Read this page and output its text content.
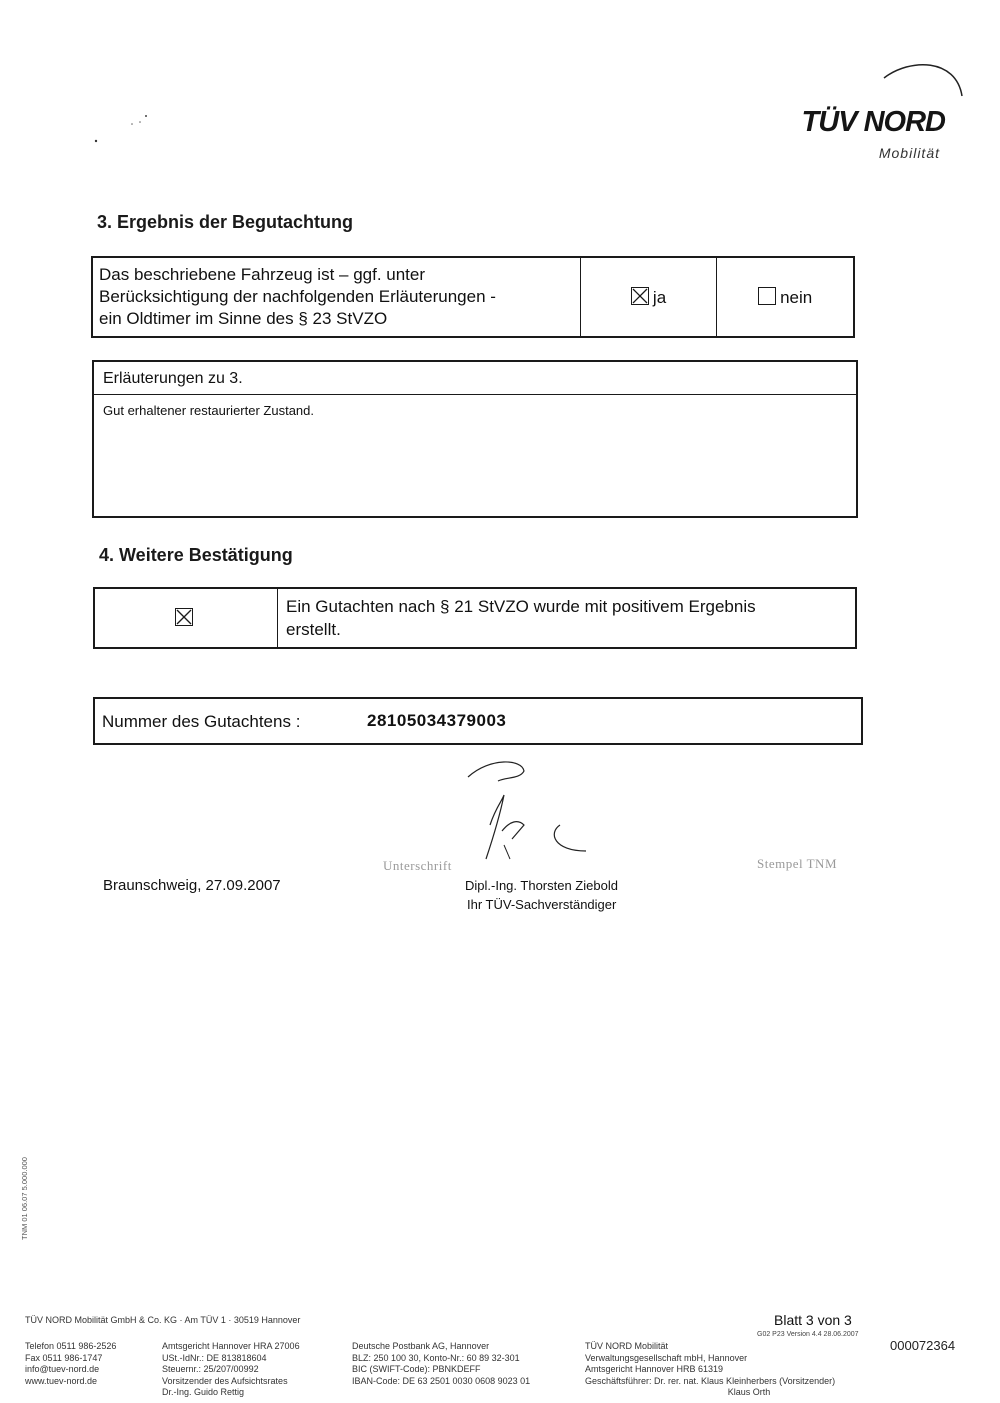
TÜV NORD
Mobilität
3. Ergebnis der Begutachtung
Das beschriebene Fahrzeug ist – ggf. unter
Berücksichtigung der nachfolgenden Erläuterungen -
ein Oldtimer im Sinne des § 23 StVZO

ja	nein
Erläuterungen zu 3.
Gut erhaltener restaurierter Zustand.
4. Weitere Bestätigung

Ein Gutachten nach § 21 StVZO wurde mit positivem Ergebnis
erstellt.
Nummer des Gutachtens :	28105034379003
Unterschrift	Stempel TNM
Braunschweig, 27.09.2007	Dipl.-Ing. Thorsten Ziebold
Ihr TÜV-Sachverständiger
TNM 01 06.07 5.000.000
TÜV NORD Mobilität GmbH & Co. KG · Am TÜV 1 · 30519 Hannover	Blatt 3 von 3
G02 P23 Version 4.4 28.06.2007
000072364
Telefon 0511 986-2526
Fax 0511 986-1747
info@tuev-nord.de
www.tuev-nord.de
Amtsgericht Hannover HRA 27006
USt.-IdNr.: DE 813818604
Steuernr.: 25/207/00992
Vorsitzender des Aufsichtsrates
Dr.-Ing. Guido Rettig
Deutsche Postbank AG, Hannover
BLZ: 250 100 30, Konto-Nr.: 60 89 32-301
BIC (SWIFT-Code): PBNKDEFF
IBAN-Code: DE 63 2501 0030 0608 9023 01
TÜV NORD Mobilität
Verwaltungsgesellschaft mbH, Hannover
Amtsgericht Hannover HRB 61319
Geschäftsführer: Dr. rer. nat. Klaus Kleinherbers (Vorsitzender)
Klaus Orth
